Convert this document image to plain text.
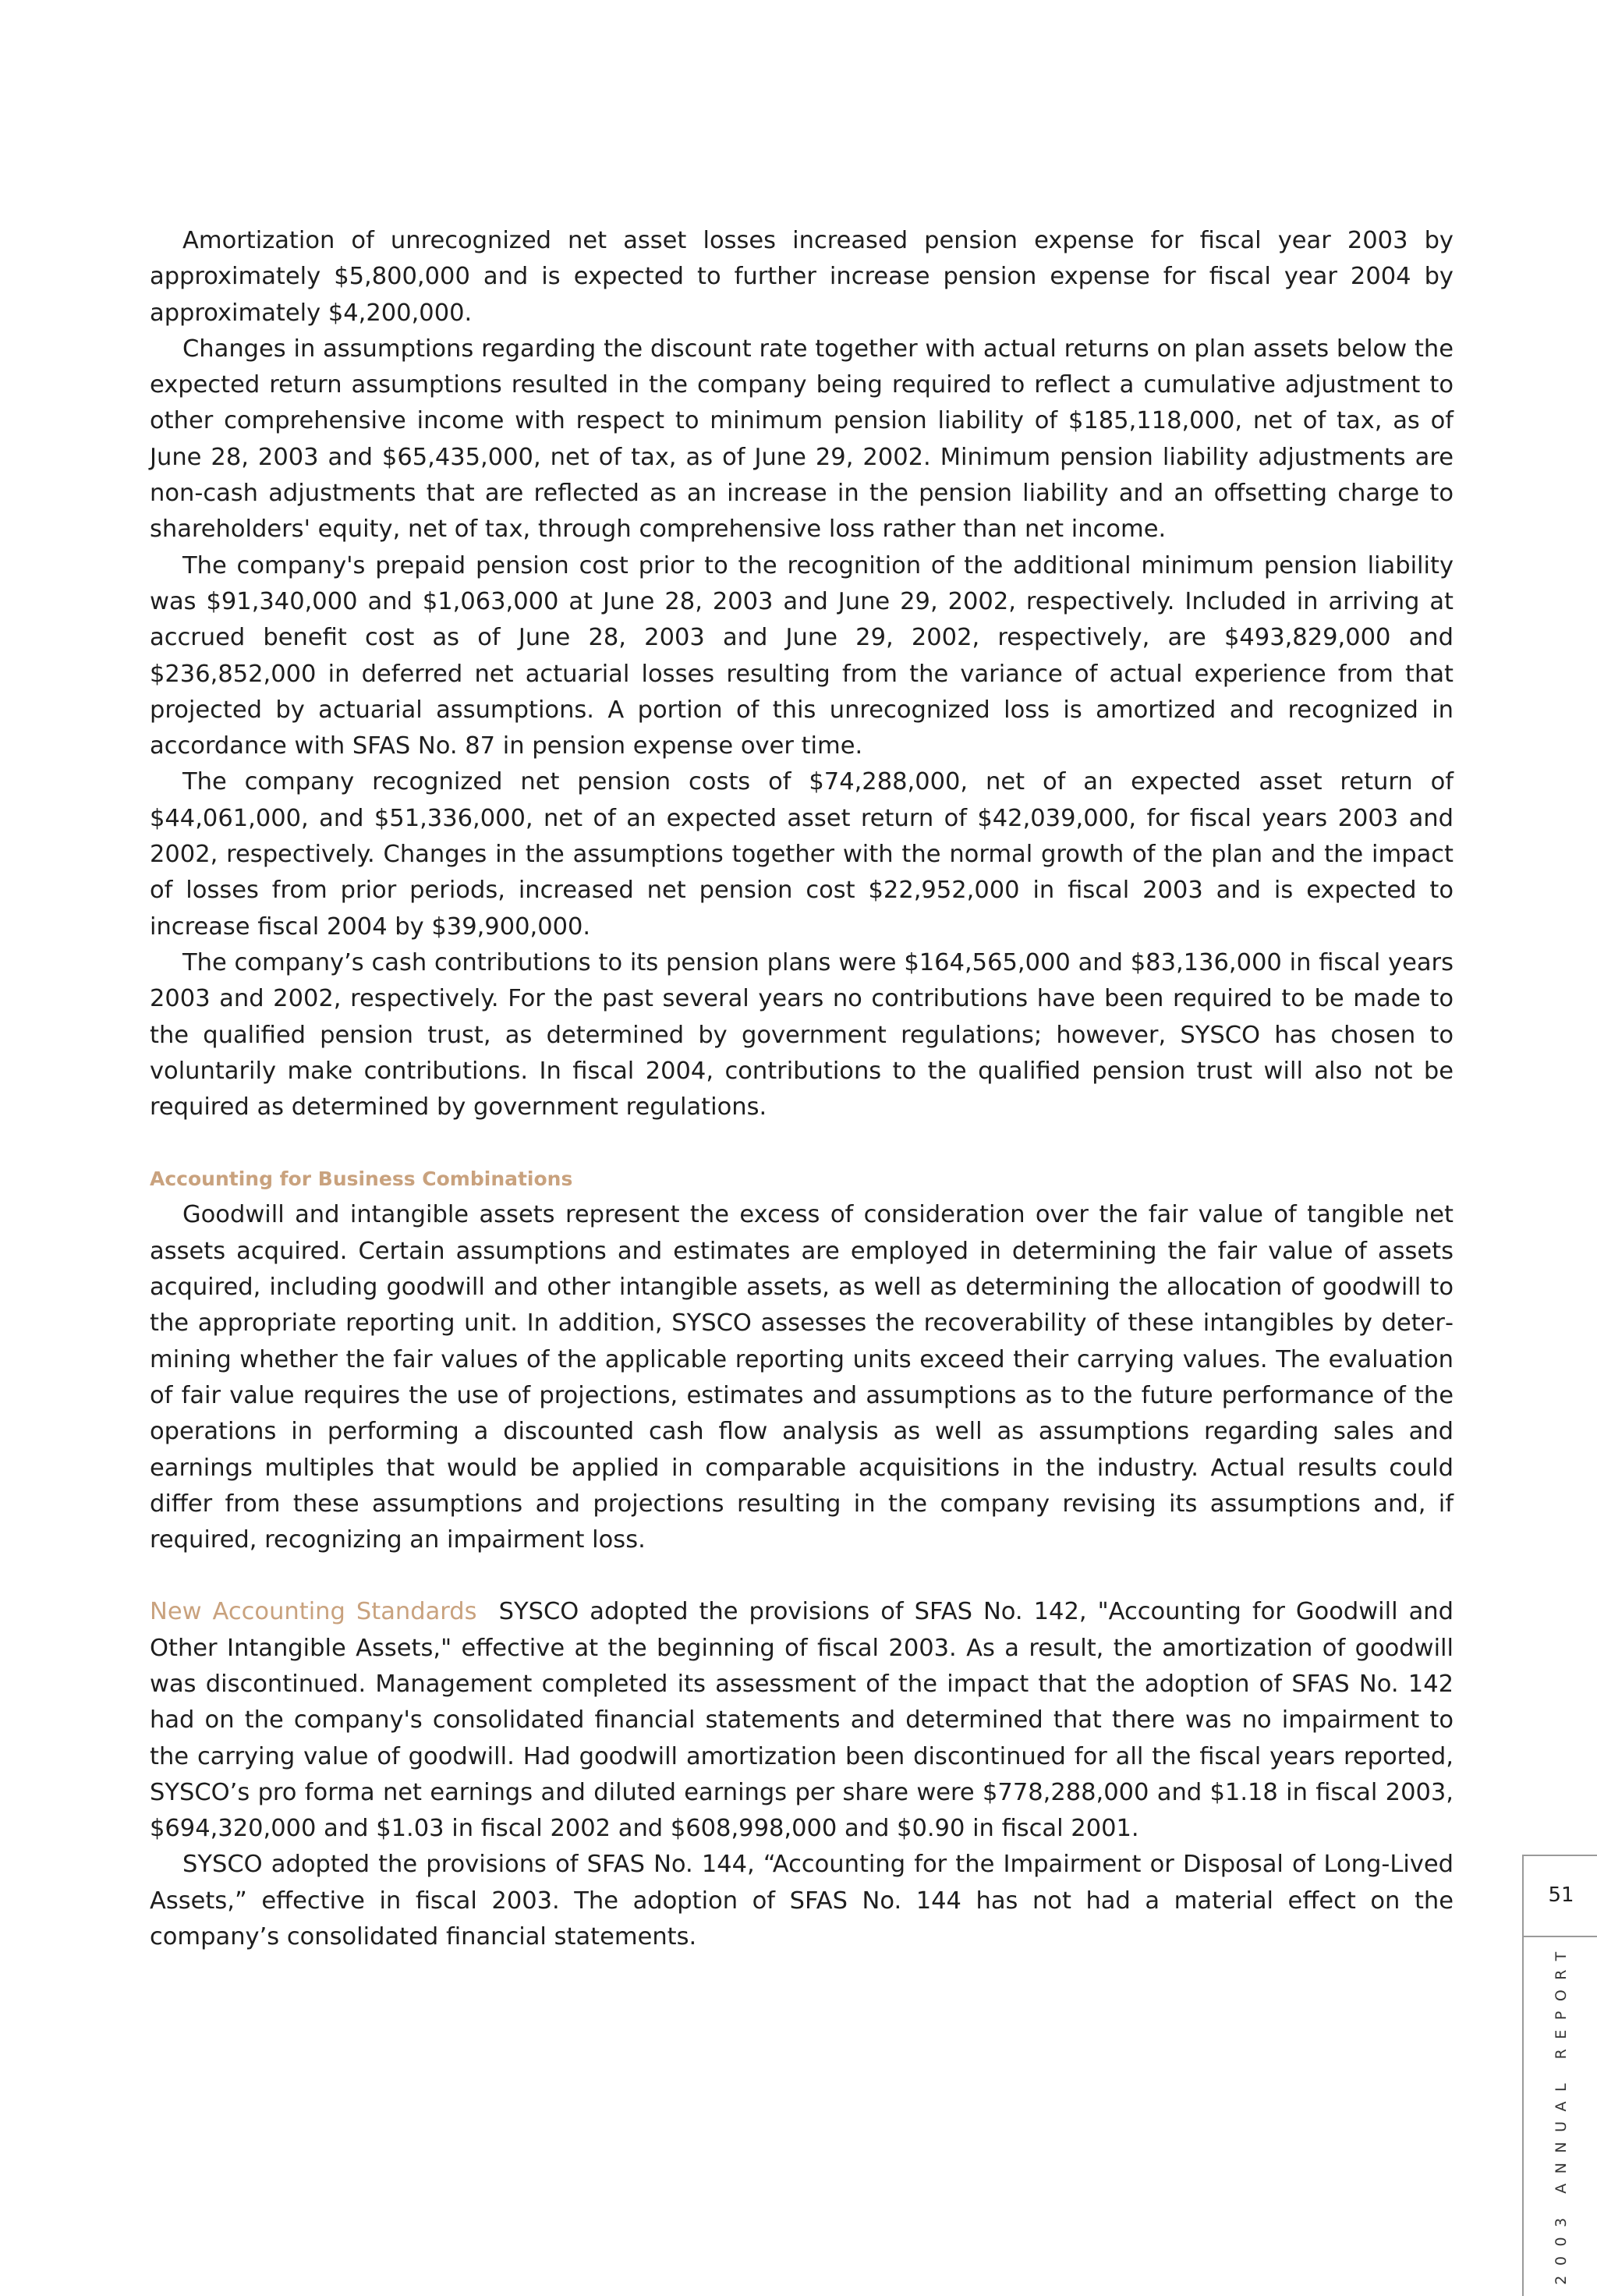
Amortization of unrecognized net asset losses increased pension expense for fiscal year 2003 by approximately $5,800,000 and is expected to further increase pension expense for fiscal year 2004 by approximately $4,200,000.

Changes in assumptions regarding the discount rate together with actual returns on plan assets below the expected return assumptions resulted in the company being required to reflect a cumulative adjustment to other comprehensive income with respect to minimum pension liability of $185,118,000, net of tax, as of June 28, 2003 and $65,435,000, net of tax, as of June 29, 2002. Minimum pension liability adjustments are non-cash adjustments that are reflected as an increase in the pension liability and an offsetting charge to shareholders' equity, net of tax, through comprehensive loss rather than net income.

The company's prepaid pension cost prior to the recognition of the additional minimum pension liability was $91,340,000 and $1,063,000 at June 28, 2003 and June 29, 2002, respectively. Included in arriving at accrued benefit cost as of June 28, 2003 and June 29, 2002, respectively, are $493,829,000 and $236,852,000 in deferred net actuarial losses resulting from the variance of actual experience from that projected by actuarial assumptions. A portion of this unrecognized loss is amortized and recognized in accordance with SFAS No. 87 in pension expense over time.

The company recognized net pension costs of $74,288,000, net of an expected asset return of $44,061,000, and $51,336,000, net of an expected asset return of $42,039,000, for fiscal years 2003 and 2002, respectively. Changes in the assumptions together with the normal growth of the plan and the impact of losses from prior periods, increased net pension cost $22,952,000 in fiscal 2003 and is expected to increase fiscal 2004 by $39,900,000.

The company’s cash contributions to its pension plans were $164,565,000 and $83,136,000 in fiscal years 2003 and 2002, respectively. For the past several years no contributions have been required to be made to the qualified pension trust, as determined by government regulations; however, SYSCO has chosen to voluntarily make contributions. In fiscal 2004, contributions to the qualified pension trust will also not be required as determined by government regulations.

Accounting for Business Combinations

Goodwill and intangible assets represent the excess of consideration over the fair value of tangible net assets acquired. Certain assumptions and estimates are employed in determining the fair value of assets acquired, including goodwill and other intangible assets, as well as determining the allocation of goodwill to the appropriate reporting unit. In addition, SYSCO assesses the recoverability of these intangibles by determining whether the fair values of the applicable reporting units exceed their carrying values. The evaluation of fair value requires the use of projections, estimates and assumptions as to the future performance of the operations in performing a discounted cash flow analysis as well as assumptions regarding sales and earnings multiples that would be applied in comparable acquisitions in the industry. Actual results could differ from these assumptions and projections resulting in the company revising its assumptions and, if required, recognizing an impairment loss.

New Accounting Standards SYSCO adopted the provisions of SFAS No. 142, "Accounting for Goodwill and Other Intangible Assets," effective at the beginning of fiscal 2003. As a result, the amortization of goodwill was discontinued. Management completed its assessment of the impact that the adoption of SFAS No. 142 had on the company's consolidated financial statements and determined that there was no impairment to the carrying value of goodwill. Had goodwill amortization been discontinued for all the fiscal years reported, SYSCO’s pro forma net earnings and diluted earnings per share were $778,288,000 and $1.18 in fiscal 2003, $694,320,000 and $1.03 in fiscal 2002 and $608,998,000 and $0.90 in fiscal 2001.

SYSCO adopted the provisions of SFAS No. 144, “Accounting for the Impairment or Disposal of Long-Lived Assets,” effective in fiscal 2003. The adoption of SFAS No. 144 has not had a material effect on the company’s consolidated financial statements.

51
2003 ANNUAL REPORT
